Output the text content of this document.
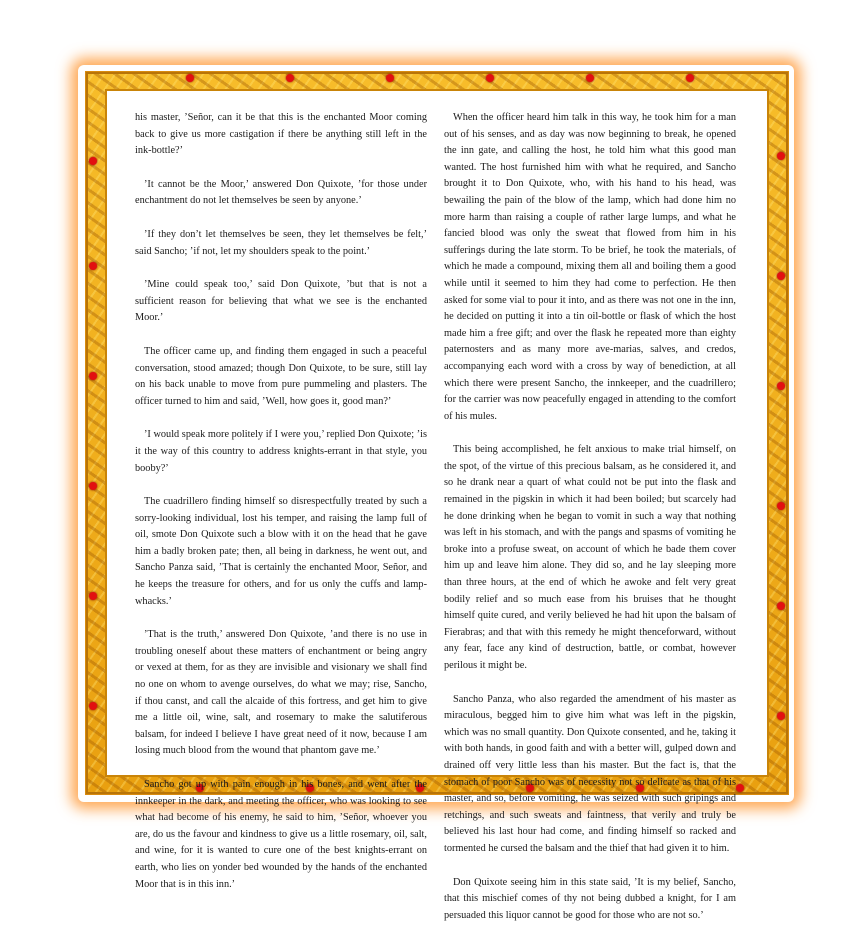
his master, ’Señor, can it be that this is the enchanted Moor coming back to give us more castigation if there be anything still left in the ink-bottle?’

’It cannot be the Moor,’ answered Don Quixote, ’for those under enchantment do not let themselves be seen by anyone.’

’If they don’t let themselves be seen, they let themselves be felt,’ said Sancho; ’if not, let my shoulders speak to the point.’

’Mine could speak too,’ said Don Quixote, ’but that is not a sufficient reason for believing that what we see is the enchanted Moor.’

The officer came up, and finding them engaged in such a peaceful conversation, stood amazed; though Don Quixote, to be sure, still lay on his back unable to move from pure pummeling and plasters. The officer turned to him and said, ’Well, how goes it, good man?’

’I would speak more politely if I were you,’ replied Don Quixote; ’is it the way of this country to address knights-errant in that style, you booby?’

The cuadrillero finding himself so disrespectfully treated by such a sorry-looking individual, lost his temper, and raising the lamp full of oil, smote Don Quixote such a blow with it on the head that he gave him a badly broken pate; then, all being in darkness, he went out, and Sancho Panza said, ’That is certainly the enchanted Moor, Señor, and he keeps the treasure for others, and for us only the cuffs and lamp-whacks.’

’That is the truth,’ answered Don Quixote, ’and there is no use in troubling oneself about these matters of enchantment or being angry or vexed at them, for as they are invisible and visionary we shall find no one on whom to avenge ourselves, do what we may; rise, Sancho, if thou canst, and call the alcaide of this fortress, and get him to give me a little oil, wine, salt, and rosemary to make the salutiferous balsam, for indeed I believe I have great need of it now, because I am losing much blood from the wound that phantom gave me.’

Sancho got up with pain enough in his bones, and went after the innkeeper in the dark, and meeting the officer, who was looking to see what had become of his enemy, he said to him, ’Señor, whoever you are, do us the favour and kindness to give us a little rosemary, oil, salt, and wine, for it is wanted to cure one of the best knights-errant on earth, who lies on yonder bed wounded by the hands of the enchanted Moor that is in this inn.’

When the officer heard him talk in this way, he took him for a man out of his senses, and as day was now beginning to break, he opened the inn gate, and calling the host, he told him what this good man wanted. The host furnished him with what he required, and Sancho brought it to Don Quixote, who, with his hand to his head, was bewailing the pain of the blow of the lamp, which had done him no more harm than raising a couple of rather large lumps, and what he fancied blood was only the sweat that flowed from him in his sufferings during the late storm. To be brief, he took the materials, of which he made a compound, mixing them all and boiling them a good while until it seemed to him they had come to perfection. He then asked for some vial to pour it into, and as there was not one in the inn, he decided on putting it into a tin oil-bottle or flask of which the host made him a free gift; and over the flask he repeated more than eighty paternosters and as many more ave-marias, salves, and credos, accompanying each word with a cross by way of benediction, at all which there were present Sancho, the innkeeper, and the cuadrillero; for the carrier was now peacefully engaged in attending to the comfort of his mules.

This being accomplished, he felt anxious to make trial himself, on the spot, of the virtue of this precious balsam, as he considered it, and so he drank near a quart of what could not be put into the flask and remained in the pigskin in which it had been boiled; but scarcely had he done drinking when he began to vomit in such a way that nothing was left in his stomach, and with the pangs and spasms of vomiting he broke into a profuse sweat, on account of which he bade them cover him up and leave him alone. They did so, and he lay sleeping more than three hours, at the end of which he awoke and felt very great bodily relief and so much ease from his bruises that he thought himself quite cured, and verily believed he had hit upon the balsam of Fierabras; and that with this remedy he might thenceforward, without any fear, face any kind of destruction, battle, or combat, however perilous it might be.

Sancho Panza, who also regarded the amendment of his master as miraculous, begged him to give him what was left in the pigskin, which was no small quantity. Don Quixote consented, and he, taking it with both hands, in good faith and with a better will, gulped down and drained off very little less than his master. But the fact is, that the stomach of poor Sancho was of necessity not so delicate as that of his master, and so, before vomiting, he was seized with such gripings and retchings, and such sweats and faintness, that verily and truly be believed his last hour had come, and finding himself so racked and tormented he cursed the balsam and the thief that had given it to him.

Don Quixote seeing him in this state said, ’It is my belief, Sancho, that this mischief comes of thy not being dubbed a knight, for I am persuaded this liquor cannot be good for those who are not so.’
